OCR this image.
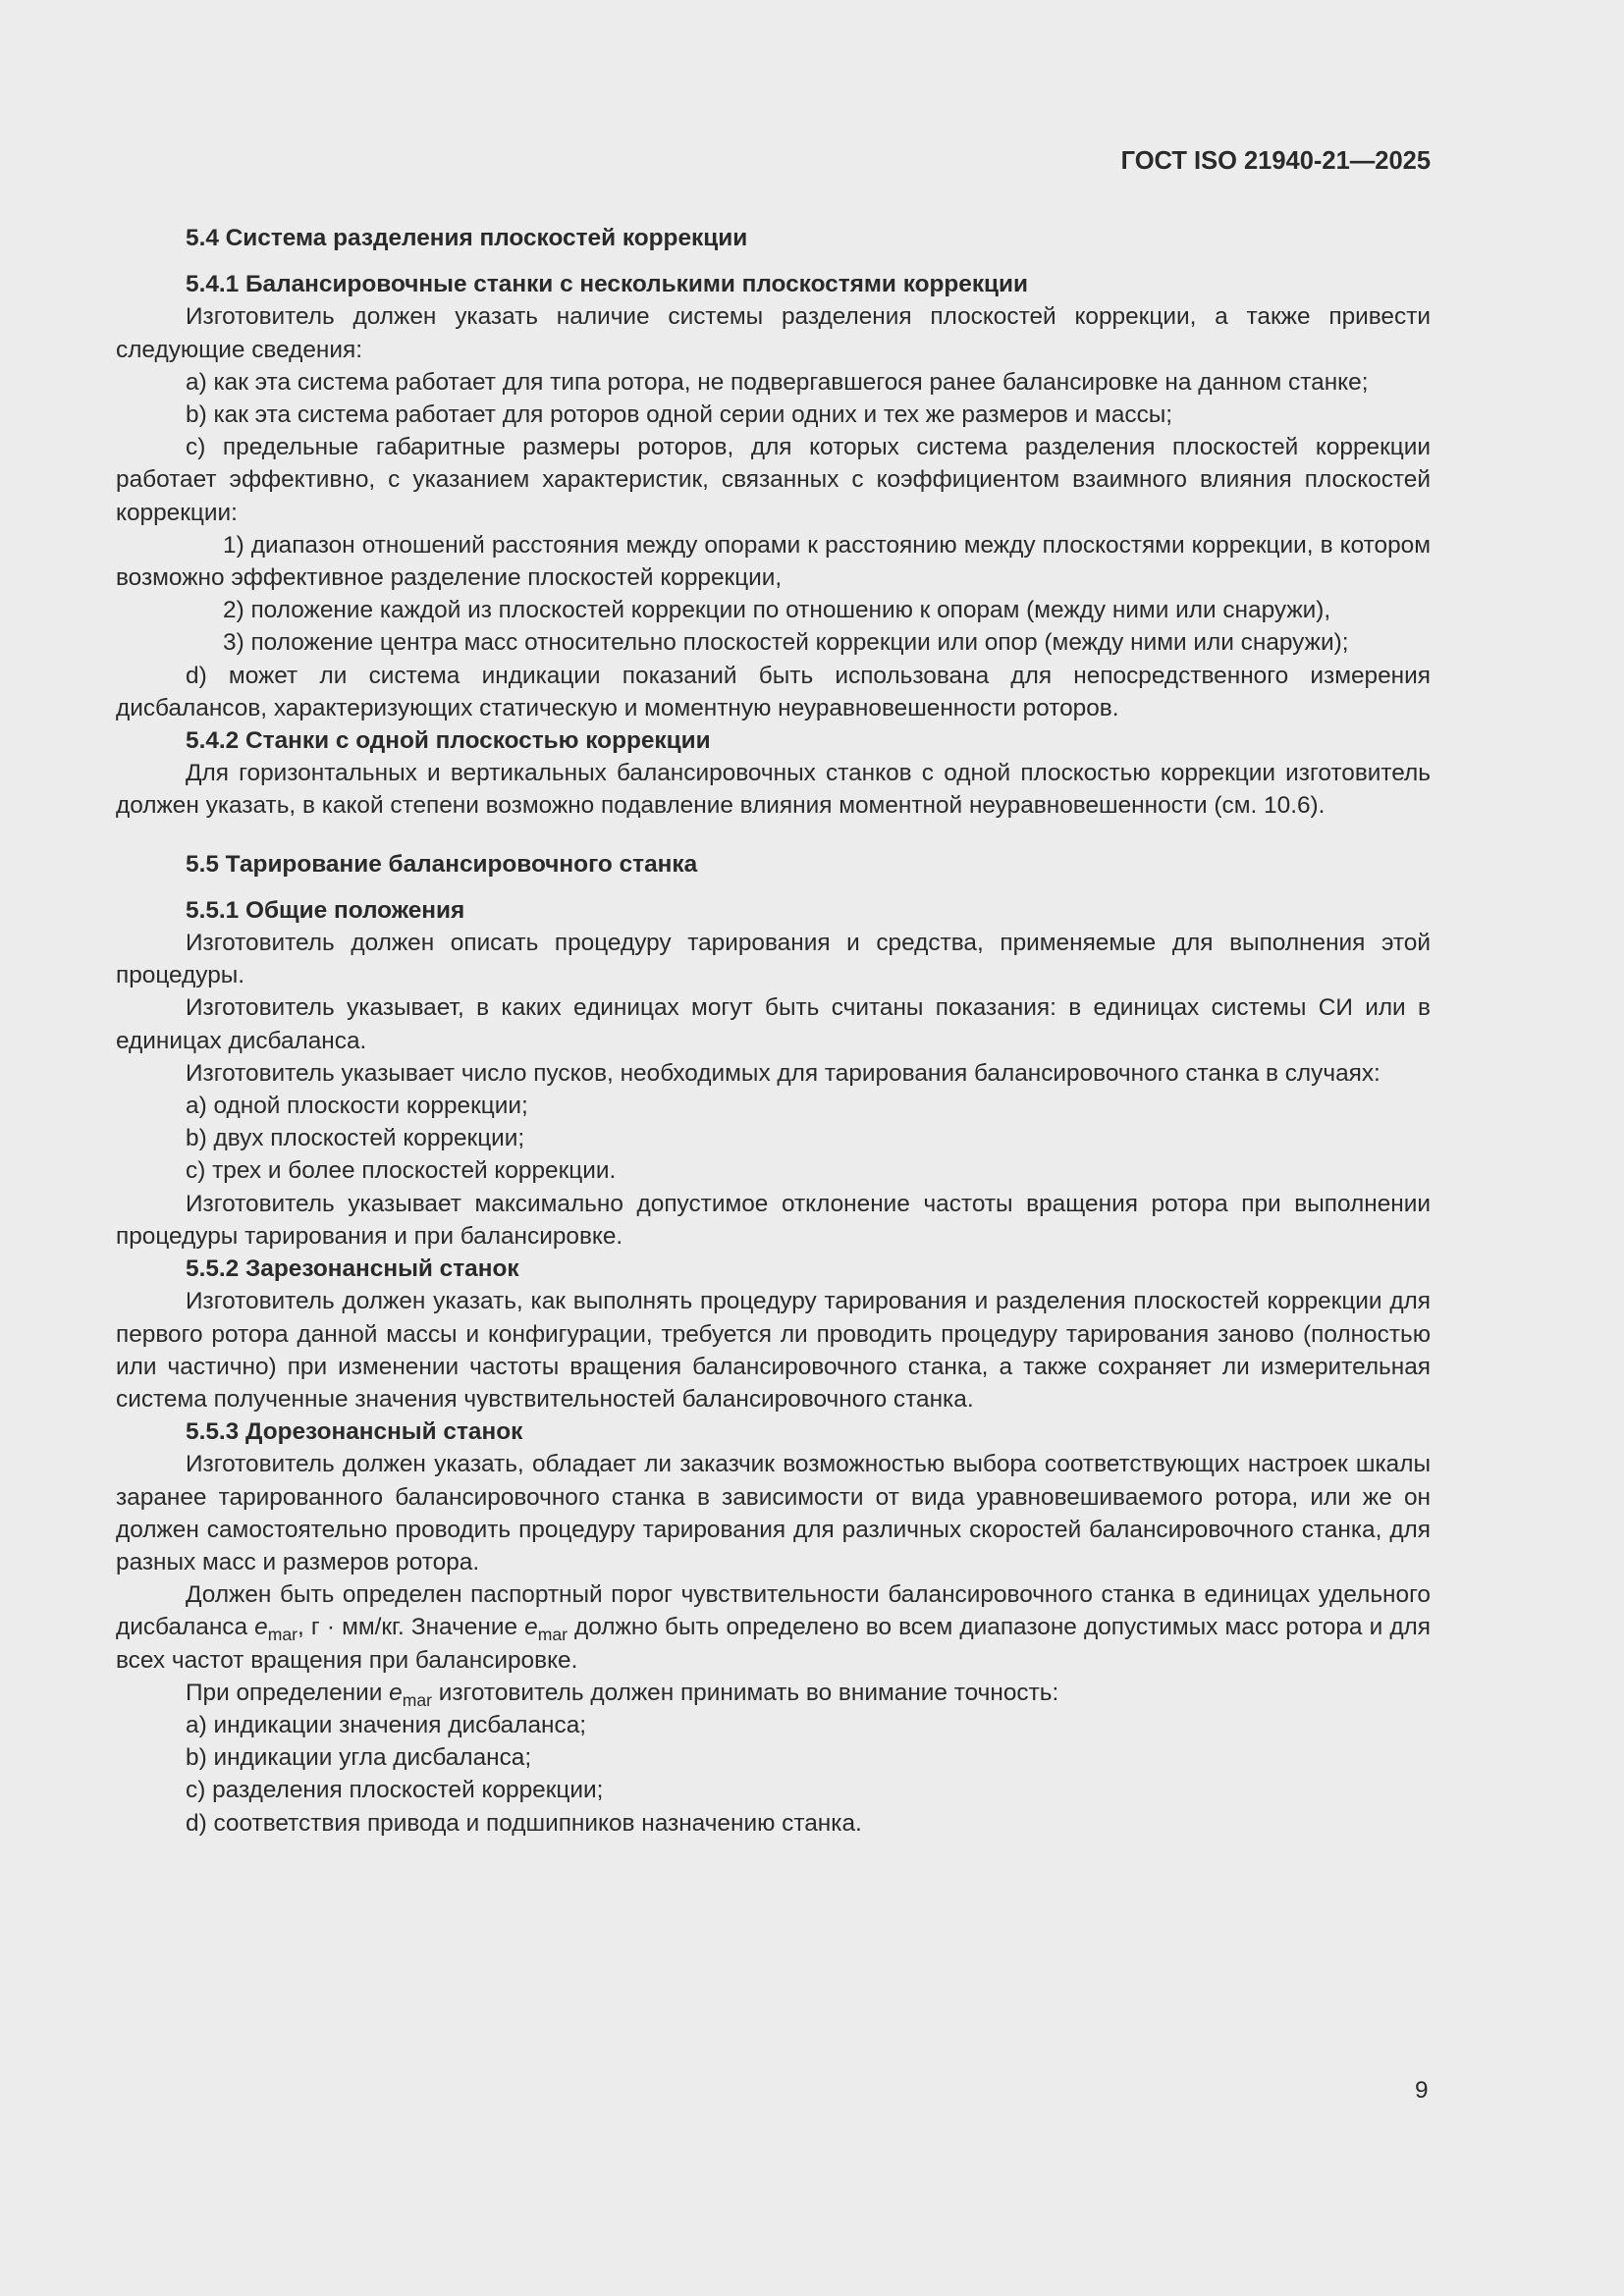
ГОСТ ISO 21940-21—2025
5.4 Система разделения плоскостей коррекции
5.4.1 Балансировочные станки с несколькими плоскостями коррекции

Изготовитель должен указать наличие системы разделения плоскостей коррекции, а также привести следующие сведения:

a) как эта система работает для типа ротора, не подвергавшегося ранее балансировке на данном станке;

b) как эта система работает для роторов одной серии одних и тех же размеров и массы;

c) предельные габаритные размеры роторов, для которых система разделения плоскостей коррекции работает эффективно, с указанием характеристик, связанных с коэффициентом взаимного влияния плоскостей коррекции:

1) диапазон отношений расстояния между опорами к расстоянию между плоскостями коррекции, в котором возможно эффективное разделение плоскостей коррекции,

2) положение каждой из плоскостей коррекции по отношению к опорам (между ними или снаружи),

3) положение центра масс относительно плоскостей коррекции или опор (между ними или снаружи);

d) может ли система индикации показаний быть использована для непосредственного измерения дисбалансов, характеризующих статическую и моментную неуравновешенности роторов.

5.4.2 Станки с одной плоскостью коррекции

Для горизонтальных и вертикальных балансировочных станков с одной плоскостью коррекции изготовитель должен указать, в какой степени возможно подавление влияния моментной неуравновешенности (см. 10.6).

5.5 Тарирование балансировочного станка
5.5.1 Общие положения

Изготовитель должен описать процедуру тарирования и средства, применяемые для выполнения этой процедуры.

Изготовитель указывает, в каких единицах могут быть считаны показания: в единицах системы СИ или в единицах дисбаланса.

Изготовитель указывает число пусков, необходимых для тарирования балансировочного станка в случаях:

a) одной плоскости коррекции;

b) двух плоскостей коррекции;

c) трех и более плоскостей коррекции.

Изготовитель указывает максимально допустимое отклонение частоты вращения ротора при выполнении процедуры тарирования и при балансировке.

5.5.2 Зарезонансный станок

Изготовитель должен указать, как выполнять процедуру тарирования и разделения плоскостей коррекции для первого ротора данной массы и конфигурации, требуется ли проводить процедуру тарирования заново (полностью или частично) при изменении частоты вращения балансировочного станка, а также сохраняет ли измерительная система полученные значения чувствительностей балансировочного станка.

5.5.3 Дорезонансный станок

Изготовитель должен указать, обладает ли заказчик возможностью выбора соответствующих настроек шкалы заранее тарированного балансировочного станка в зависимости от вида уравновешиваемого ротора, или же он должен самостоятельно проводить процедуру тарирования для различных скоростей балансировочного станка, для разных масс и размеров ротора.

Должен быть определен паспортный порог чувствительности балансировочного станка в единицах удельного дисбаланса $e_{mar}$, г · мм/кг. Значение $e_{mar}$ должно быть определено во всем диапазоне допустимых масс ротора и для всех частот вращения при балансировке.

При определении $e_{mar}$ изготовитель должен принимать во внимание точность:

a) индикации значения дисбаланса;

b) индикации угла дисбаланса;

c) разделения плоскостей коррекции;

d) соответствия привода и подшипников назначению станка.

9
